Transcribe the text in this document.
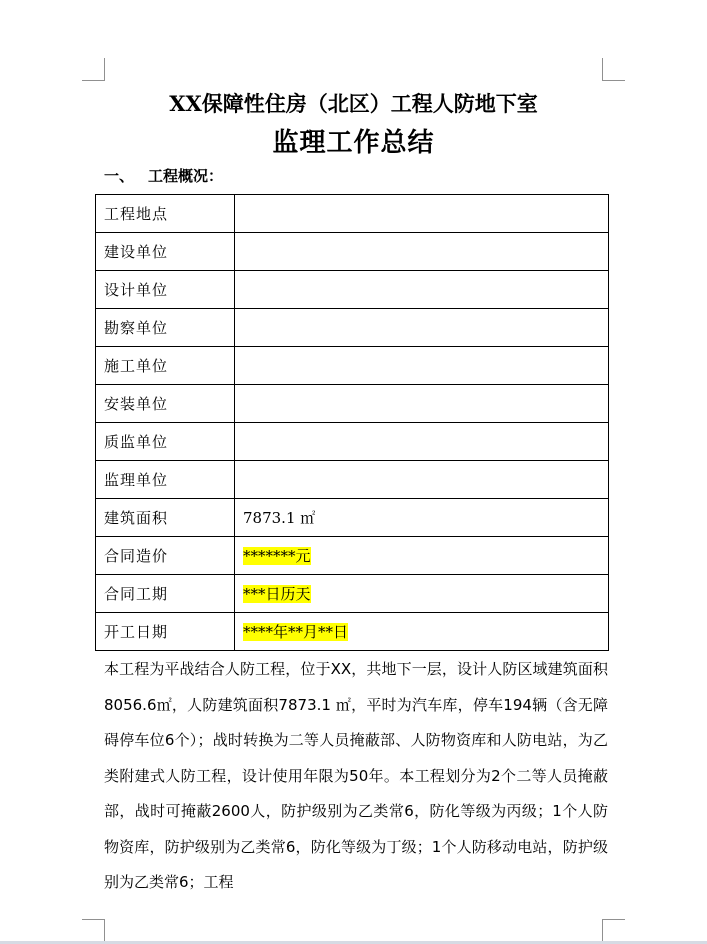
XX保障性住房（北区）工程人防地下室
监理工作总结
一、 工程概况：
工程地点	
建设单位	
设计单位	
勘察单位	
施工单位	
安装单位	
质监单位	
监理单位	
建筑面积	7873.1 ㎡
合同造价	*******元
合同工期	***日历天
开工日期	****年**月**日

本工程为平战结合人防工程，位于XX，共地下一层，设计人防区域建筑面积8056.6㎡，人防建筑面积7873.1 ㎡，平时为汽车库，停车194辆（含无障碍停车位6个）；战时转换为二等人员掩蔽部、人防物资库和人防电站，为乙类附建式人防工程，设计使用年限为50年。本工程划分为2个二等人员掩蔽部，战时可掩蔽2600人，防护级别为乙类常6，防化等级为丙级；1个人防物资库，防护级别为乙类常6，防化等级为丁级；1个人防移动电站，防护级别为乙类常6；工程
